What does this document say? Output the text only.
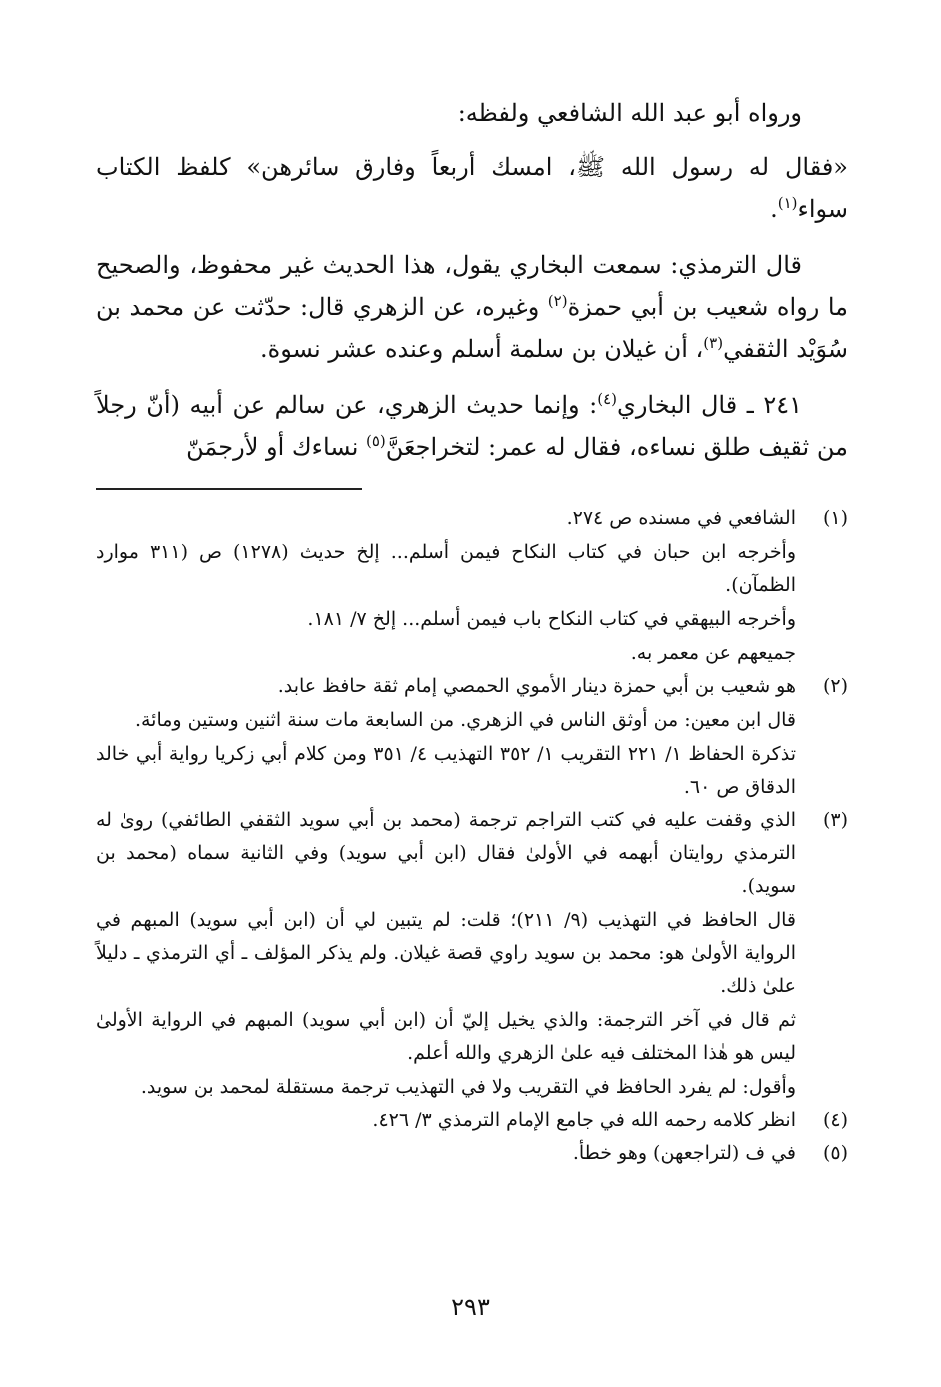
ورواه أبو عبد الله الشافعي ولفظه:

«فقال له رسول الله ﷺ، امسك أربعاً وفارق سائرهن» كلفظ الكتاب سواء$^{(١)}$.

قال الترمذي: سمعت البخاري يقول، هذا الحديث غير محفوظ، والصحيح ما رواه شعيب بن أبي حمزة$^{(٢)}$ وغيره، عن الزهري قال: حدّثت عن محمد بن سُوَيْد الثقفي$^{(٣)}$، أن غيلان بن سلمة أسلم وعنده عشر نسوة.

٢٤١ ـ قال البخاري$^{(٤)}$: وإنما حديث الزهري، عن سالم عن أبيه (أنّ رجلاً من ثقيف طلق نساءه، فقال له عمر: لتخراجعَنَّ$^{(٥)}$ نساءك أو لأرجمَنّ

(١)
الشافعي في مسنده ص ٢٧٤.
وأخرجه ابن حبان في كتاب النكاح فيمن أسلم... إلخ حديث (١٢٧٨) ص (٣١١ موارد الظمآن).
وأخرجه البيهقي في كتاب النكاح باب فيمن أسلم... إلخ ٧/ ١٨١.
جميعهم عن معمر به.
(٢)
هو شعيب بن أبي حمزة دينار الأموي الحمصي إمام ثقة حافظ عابد.
قال ابن معين: من أوثق الناس في الزهري. من السابعة مات سنة اثنين وستين ومائة.
تذكرة الحفاظ ١/ ٢٢١ التقريب ١/ ٣٥٢ التهذيب ٤/ ٣٥١ ومن كلام أبي زكريا رواية أبي خالد الدقاق ص ٦٠.
(٣)
الذي وقفت عليه في كتب التراجم ترجمة (محمد بن أبي سويد الثقفي الطائفي) روىٰ له الترمذي روايتان أبهمه في الأولىٰ فقال (ابن أبي سويد) وفي الثانية سماه (محمد بن سويد).
قال الحافظ في التهذيب (٩/ ٢١١)؛ قلت: لم يتبين لي أن (ابن أبي سويد) المبهم في الرواية الأولىٰ هو: محمد بن سويد راوي قصة غيلان. ولم يذكر المؤلف ـ أي الترمذي ـ دليلاً علىٰ ذلك.
ثم قال في آخر الترجمة: والذي يخيل إليّ أن (ابن أبي سويد) المبهم في الرواية الأولىٰ ليس هو هٰذا المختلف فيه علىٰ الزهري والله أعلم.
وأقول: لم يفرد الحافظ في التقريب ولا في التهذيب ترجمة مستقلة لمحمد بن سويد.
(٤)
انظر كلامه رحمه الله في جامع الإمام الترمذي ٣/ ٤٢٦.
(٥)
في ف (لتراجعهن) وهو خطأ.
٢٩٣
